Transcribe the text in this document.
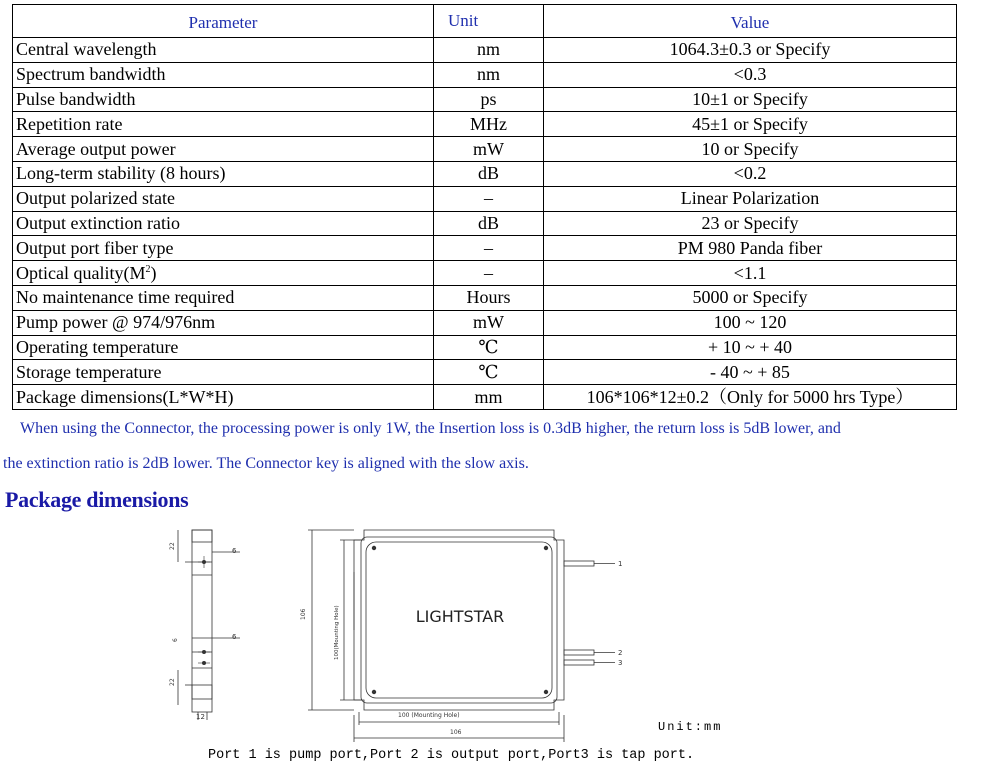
Parameter	Unit	Value
Central wavelength	nm	1064.3±0.3 or Specify
Spectrum bandwidth	nm	<0.3
Pulse bandwidth	ps	10±1 or Specify
Repetition rate	MHz	45±1 or Specify
Average output power	mW	10 or Specify
Long-term stability (8 hours)	dB	<0.2
Output polarized state	–	Linear Polarization
Output extinction ratio	dB	23 or Specify
Output port fiber type	–	PM 980 Panda fiber
Optical $quality(M^2)$	–	<1.1
No maintenance time required	Hours	5000 or Specify
Pump power @ 974/976nm	mW	100 ~ 120
Operating temperature	℃	+ 10 ~ + 40
Storage temperature	℃	- 40 ~ + 85
Package dimensions(L*W*H)	mm	106*106*12±0.2（Only for 5000 hrs Type）
When using the Connector, the processing power is only 1W, the Insertion loss is 0.3dB higher, the return loss is 5dB lower, and
the extinction ratio is 2dB lower. The Connector key is aligned with the slow axis.
Package dimensions
22
6
6
6
22
12
LIGHTSTAR
1
2
3
106	100(Mounting Hole)
100 (Mounting Hole)
106	Unit:mm
Port 1 is pump port,Port 2 is output port,Port3 is tap port.
